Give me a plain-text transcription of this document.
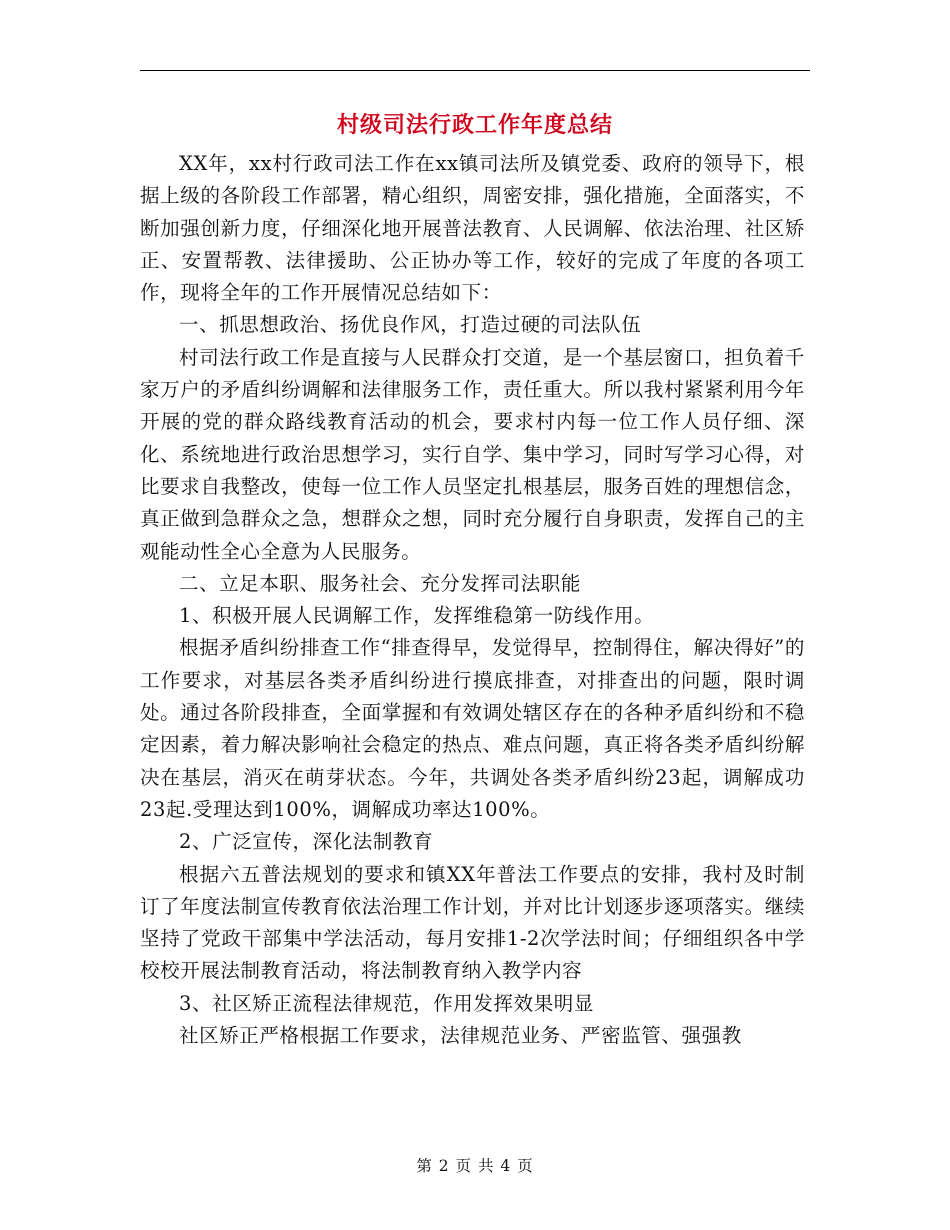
村级司法行政工作年度总结

XX年，xx村行政司法工作在xx镇司法所及镇党委、政府的领导下，根据上级的各阶段工作部署，精心组织，周密安排，强化措施，全面落实，不断加强创新力度，仔细深化地开展普法教育、人民调解、依法治理、社区矫正、安置帮教、法律援助、公正协办等工作，较好的完成了年度的各项工作，现将全年的工作开展情况总结如下：

一、抓思想政治、扬优良作风，打造过硬的司法队伍

村司法行政工作是直接与人民群众打交道，是一个基层窗口，担负着千家万户的矛盾纠纷调解和法律服务工作，责任重大。所以我村紧紧利用今年开展的党的群众路线教育活动的机会，要求村内每一位工作人员仔细、深化、系统地进行政治思想学习，实行自学、集中学习，同时写学习心得，对比要求自我整改，使每一位工作人员坚定扎根基层，服务百姓的理想信念，真正做到急群众之急，想群众之想，同时充分履行自身职责，发挥自己的主观能动性全心全意为人民服务。

二、立足本职、服务社会、充分发挥司法职能

1、积极开展人民调解工作，发挥维稳第一防线作用。

根据矛盾纠纷排查工作“排查得早，发觉得早，控制得住，解决得好”的工作要求，对基层各类矛盾纠纷进行摸底排查，对排查出的问题，限时调处。通过各阶段排查，全面掌握和有效调处辖区存在的各种矛盾纠纷和不稳定因素，着力解决影响社会稳定的热点、难点问题，真正将各类矛盾纠纷解决在基层，消灭在萌芽状态。今年，共调处各类矛盾纠纷23起，调解成功23起.受理达到100%，调解成功率达100%。

2、广泛宣传，深化法制教育

根据六五普法规划的要求和镇XX年普法工作要点的安排，我村及时制订了年度法制宣传教育依法治理工作计划，并对比计划逐步逐项落实。继续坚持了党政干部集中学法活动，每月安排1-2次学法时间；仔细组织各中学校校开展法制教育活动，将法制教育纳入教学内容

3、社区矫正流程法律规范，作用发挥效果明显

社区矫正严格根据工作要求，法律规范业务、严密监管、强强教

第 2 页 共 4 页
